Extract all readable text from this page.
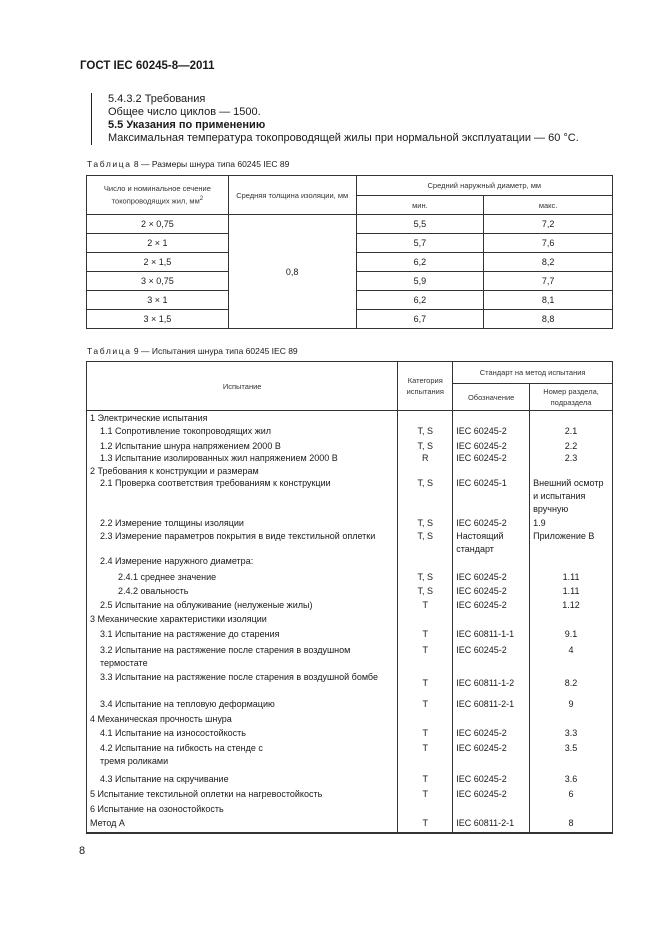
ГОСТ IEC 60245-8—2011
5.4.3.2 Требования
Общее число циклов — 1500.
5.5 Указания по применению
Максимальная температура токопроводящей жилы при нормальной эксплуатации — 60 °С.
Таблица 8 — Размеры шнура типа 60245 IEC 89
Число и номинальное сечение токопроводящих жил, $мм^2$	Средняя толщина изоляции, мм	Средний наружный диаметр, мм	
		мин.	макс.
2 × 0,75	0,8	5,5	7,2
2 × 1		5,7	7,6
2 × 1,5		6,2	8,2
3 × 0,75		5,9	7,7
3 × 1		6,2	8,1
3 × 1,5		6,7	8,8
Таблица 9 — Испытания шнура типа 60245 IEC 89
Испытание	Категория испытания	Стандарт на метод испытания	
		Обозначение	Номер раздела, подраздела
1 Электрические испытания			
1.1 Сопротивление токопроводящих жил	T, S	IEC 60245-2	2.1
1.2 Испытание шнура напряжением 2000 В	T, S	IEC 60245-2	2.2
1.3 Испытание изолированных жил напряжением 2000 В	R	IEC 60245-2	2.3
2 Требования к конструкции и размерам			
2.1 Проверка соответствия требованиям к конструкции	T, S	IEC 60245-1	Внешний осмотр и испытания вручную
2.2 Измерение толщины изоляции	T, S	IEC 60245-2	1.9
2.3 Измерение параметров покрытия в виде текстильной оплетки	T, S	Настоящий стандарт	Приложение В
2.4 Измерение наружного диаметра:			
2.4.1 среднее значение	T, S	IEC 60245-2	1.11
2.4.2 овальность	T, S	IEC 60245-2	1.11
2.5 Испытание на облуживание (нелуженые жилы)	T	IEC 60245-2	1.12
3 Механические характеристики изоляции			
3.1 Испытание на растяжение до старения	T	IEC 60811-1-1	9.1
3.2 Испытание на растяжение после старения в воздушном термостате	T	IEC 60245-2	4
3.3 Испытание на растяжение после старения в воздушной бомбе	T	IEC 60811-1-2	8.2
3.4 Испытание на тепловую деформацию	T	IEC 60811-2-1	9
4 Механическая прочность шнура			
4.1 Испытание на износостойкость	T	IEC 60245-2	3.3
4.2 Испытание на гибкость на стенде с тремя роликами	T	IEC 60245-2	3.5
4.3 Испытание на скручивание	T	IEC 60245-2	3.6
5 Испытание текстильной оплетки на нагревостойкость	T	IEC 60245-2	6
6 Испытание на озоностойкость			
Метод А	T	IEC 60811-2-1	8

8
